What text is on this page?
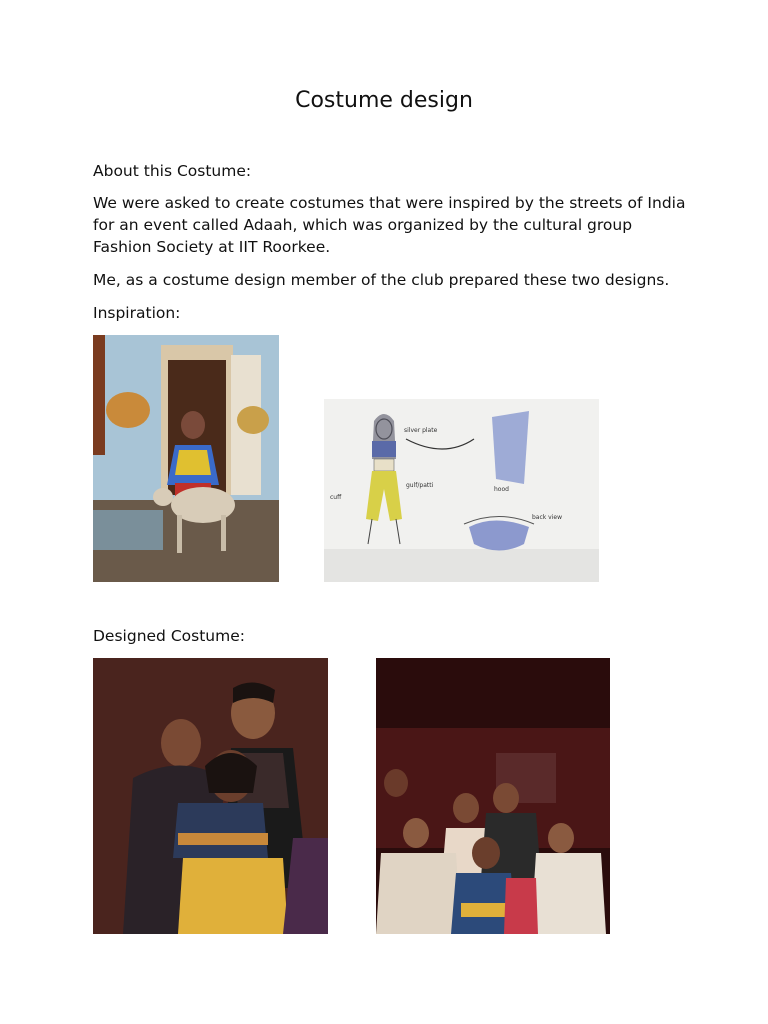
Costume design
About this Costume:
We were asked to create costumes that were inspired by the streets of India for an event called Adaah, which was organized by the cultural group Fashion Society at IIT Roorkee.
Me, as a costume design member of the club prepared these two designs.
Inspiration:
silver plate
gulf/patti
cuff
hood
back view
Designed Costume:
